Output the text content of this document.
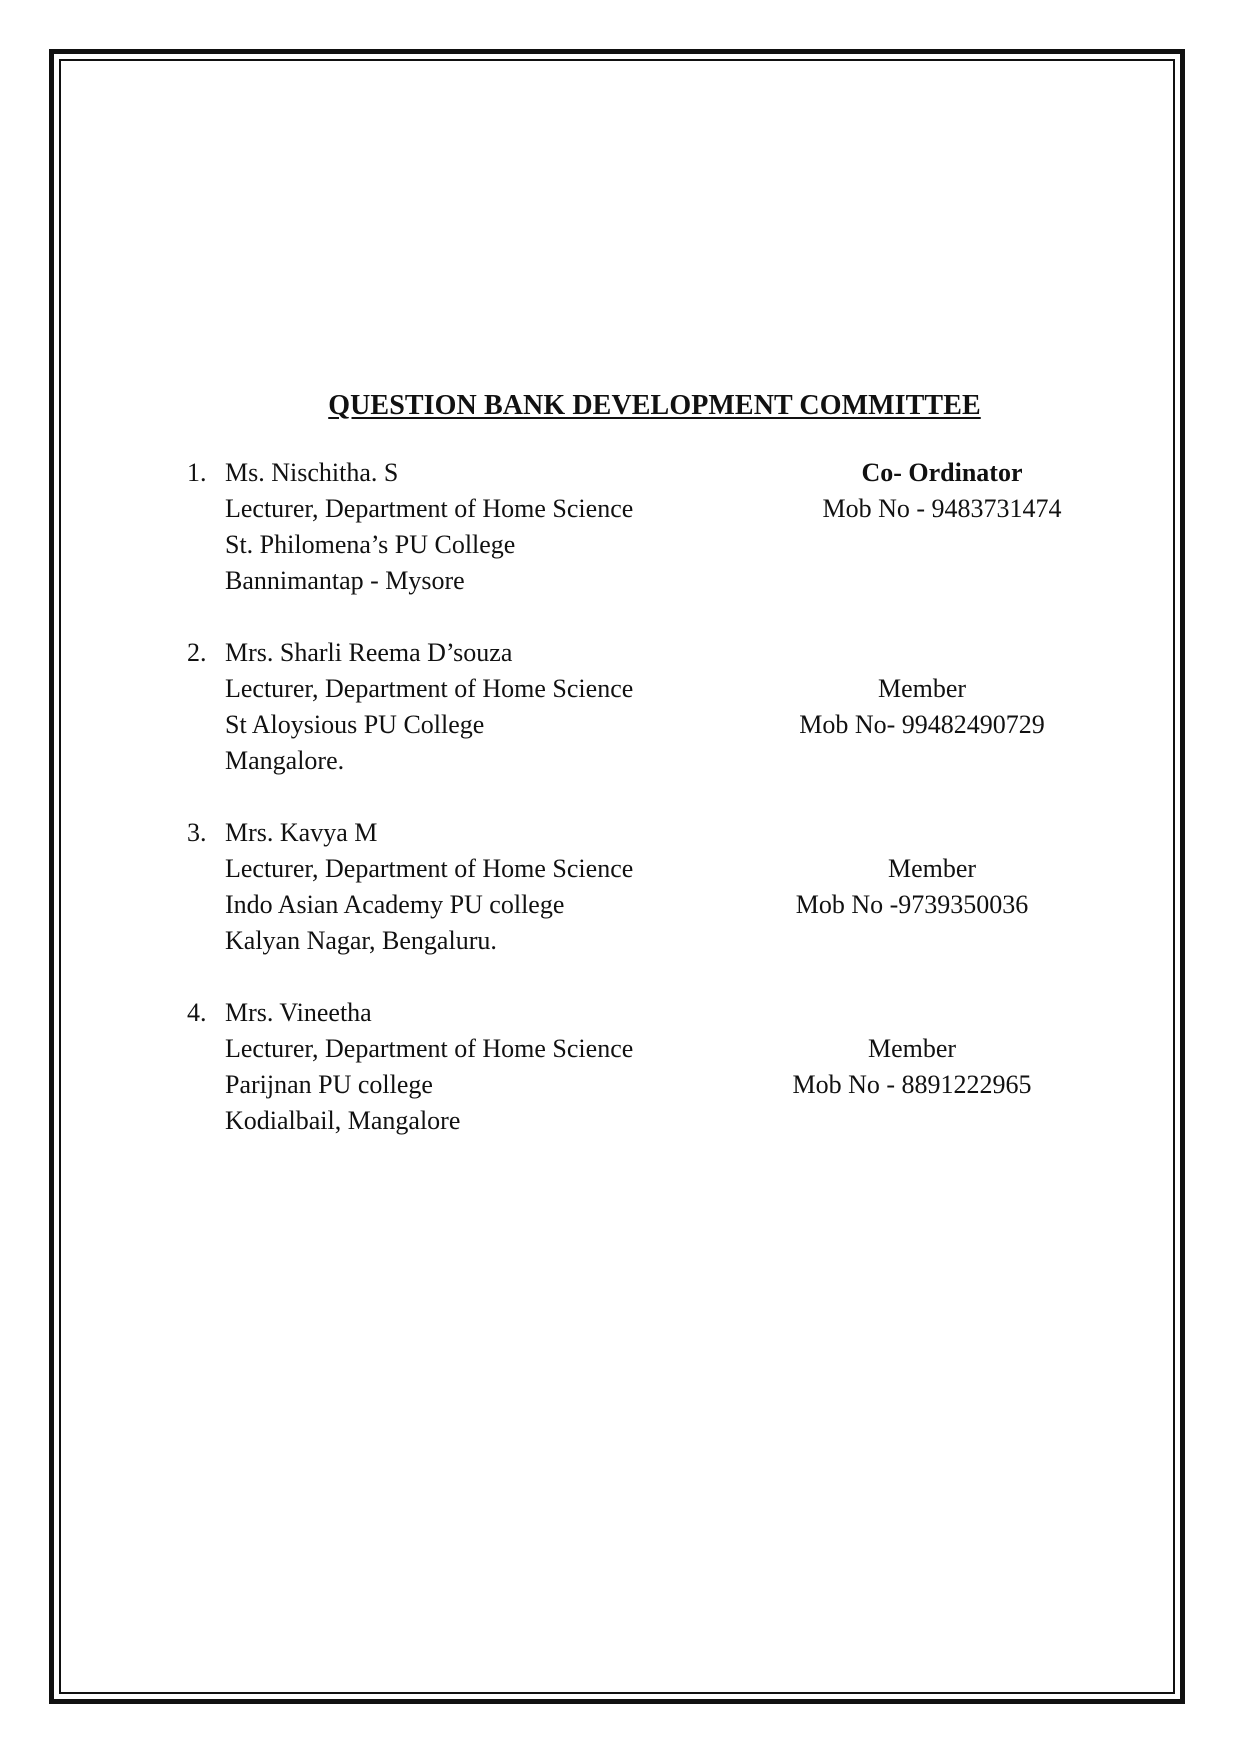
QUESTION BANK DEVELOPMENT COMMITTEE
1. Ms. Nischitha. S
Lecturer, Department of Home Science
St. Philomena’s PU College
Bannimantap - Mysore
Co- Ordinator
Mob No - 9483731474
2. Mrs. Sharli Reema D’souza
Lecturer, Department of Home Science
St Aloysious PU College
Mangalore.
Member
Mob No- 99482490729
3. Mrs. Kavya M
Lecturer, Department of Home Science
Indo Asian Academy PU college
Kalyan Nagar, Bengaluru.
Member
Mob No -9739350036
4. Mrs. Vineetha
Lecturer, Department of Home Science
Parijnan PU college
Kodialbail, Mangalore
Member
Mob No - 8891222965
